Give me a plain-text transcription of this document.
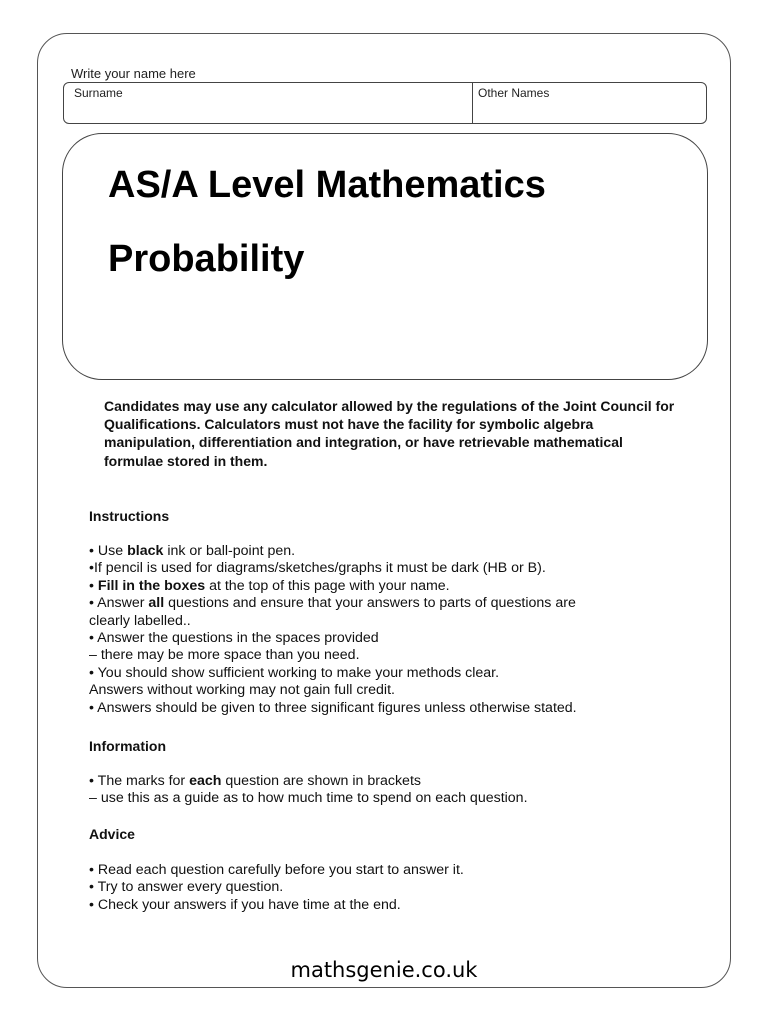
Write your name here
Surname	Other Names
AS/A Level Mathematics
Probability
Candidates may use any calculator allowed by the regulations of the Joint Council for Qualifications. Calculators must not have the facility for symbolic algebra manipulation, differentiation and integration, or have retrievable mathematical formulae stored in them.
Instructions
• Use black ink or ball-point pen.
•If pencil is used for diagrams/sketches/graphs it must be dark (HB or B).
• Fill in the boxes at the top of this page with your name.
• Answer all questions and ensure that your answers to parts of questions are
clearly labelled..
• Answer the questions in the spaces provided
– there may be more space than you need.
• You should show sufficient working to make your methods clear.
Answers without working may not gain full credit.
• Answers should be given to three significant figures unless otherwise stated.
Information
• The marks for each question are shown in brackets
– use this as a guide as to how much time to spend on each question.
Advice
• Read each question carefully before you start to answer it.
• Try to answer every question.
• Check your answers if you have time at the end.
mathsgenie.co.uk
